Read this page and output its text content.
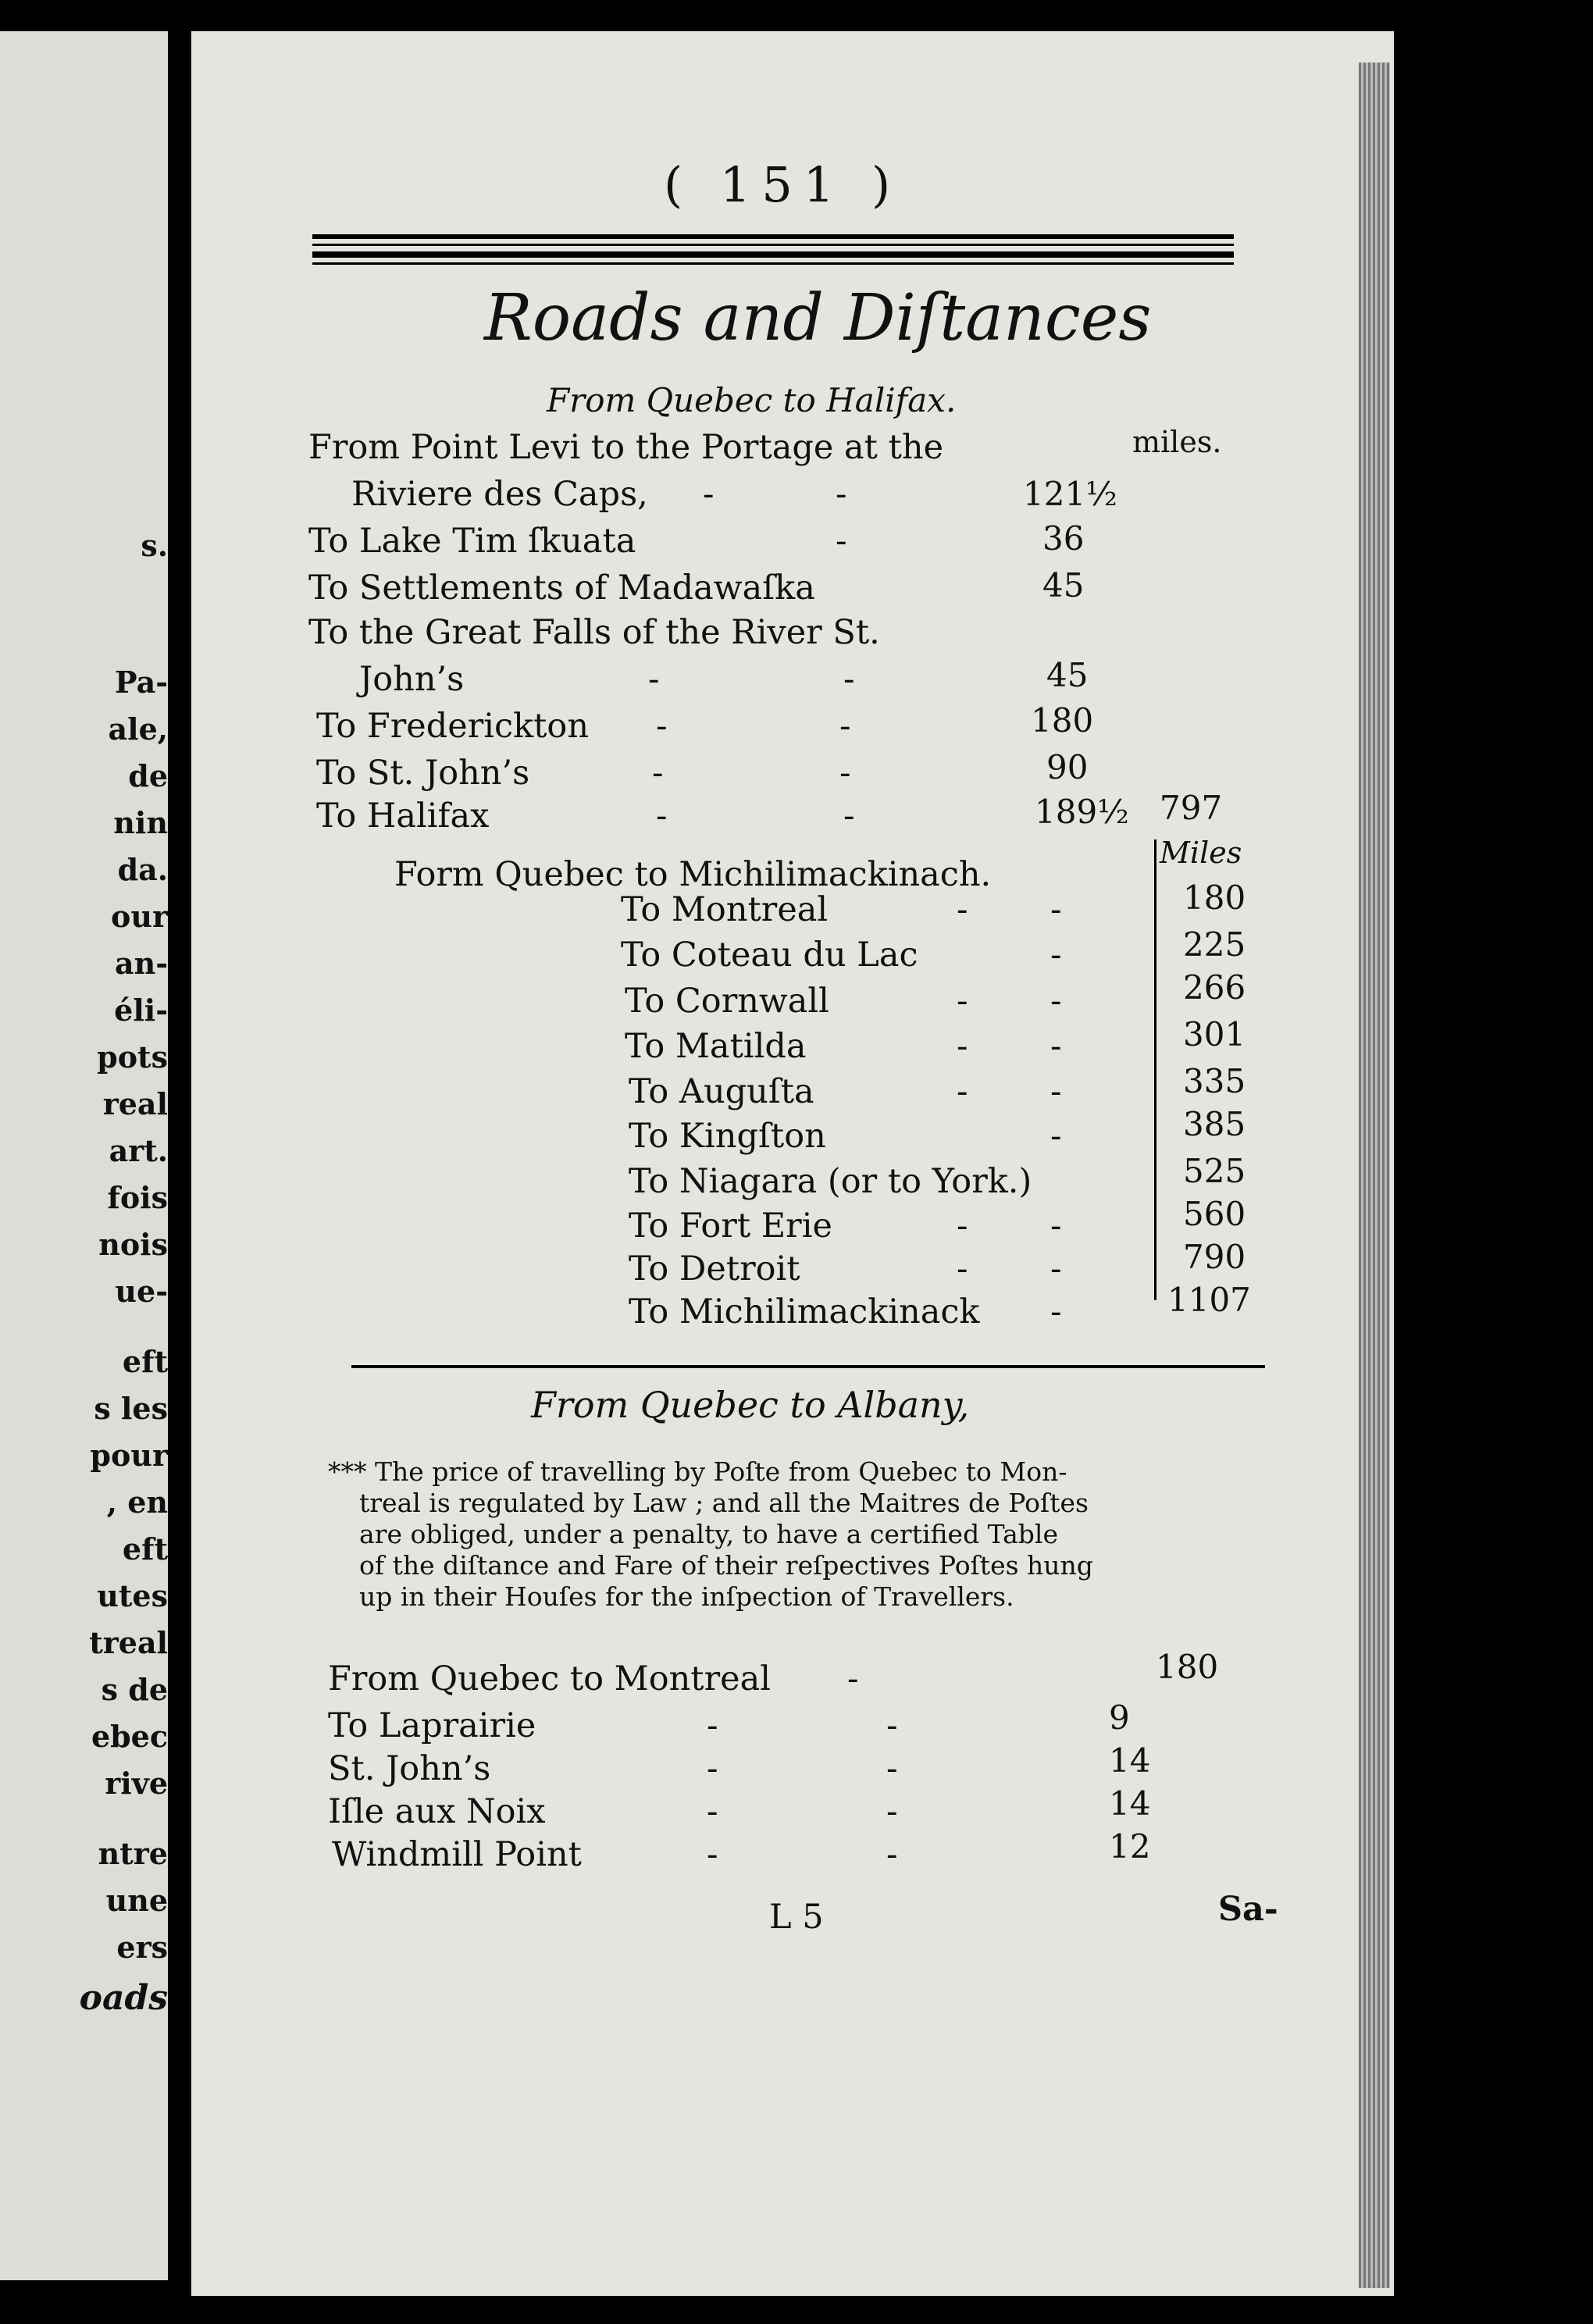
s.
Pa-
ale,
de
nin
da.
our
an-
éli-
pots
real
art.
fois
nois
ue-
eft
s les
pour
, en
eft
utes
treal
s de
ebec
rive
ntre
une
ers
oads
( 151 )
Roads and Diſtances
From Quebec to Halifax.
From Point Levi to the Portage at the	miles.
Riviere des Caps, -	-	121½
To Lake Tim ſkuata	-	36
To Settlements of Madawaſka	45
To the Great Falls of the River St.
John’s	-	-	45
To Frederickton -	-	180
To St. John’s	-	-	90
To Halifax	-	-	189½ 797
Form Quebec to Michilimackinach.
Miles
To Montreal	- -	180
To Coteau du Lac	-	225
To Cornwall	- -	266
To Matilda	- -	301
To Auguſta	- -	335
To Kingſton	-	385
To Niagara (or to York.)	525
To Fort Erie	- -	560
To Detroit	- -	790
To Michilimackinack -	1107
From Quebec to Albany,
*** The price of travelling by Poſte from Quebec to Mon-
treal is regulated by Law ; and all the Maitres de Poſtes
are obliged, under a penalty, to have a certified Table
of the diſtance and Fare of their reſpectives Poſtes hung
up in their Houſes for the inſpection of Travellers.
From Quebec to Montreal -	180
To Laprairie	-	-	9
St. John’s	-	-	14
Iſle aux Noix	-	-	14
Windmill Point	-	-	12
L 5	Sa-
